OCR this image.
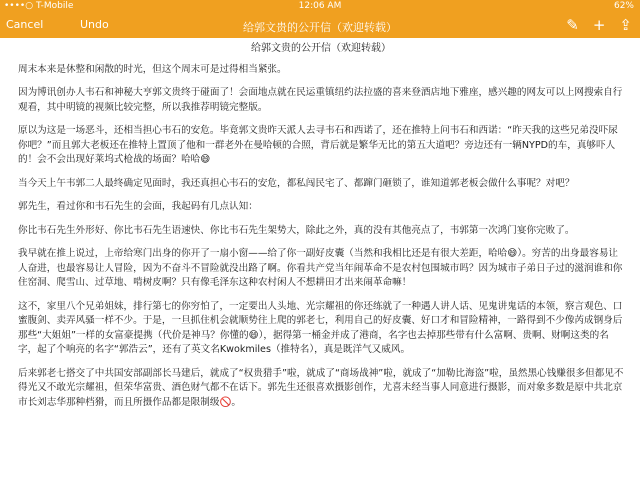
••••○ T-Mobile	12:06 AM	62%
Cancel	Undo	给郭文贵的公开信（欢迎转载）	✎ + ⇪
给郭文贵的公开信（欢迎转载）

周末本来是休整和闲散的时光，但这个周末可是过得相当紧张。

因为博讯创办人韦石和神秘大亨郭文贵终于碰面了！会面地点就在民运重镇纽约法拉盛的喜来登酒店地下雅座，感兴趣的网友可以上网搜索自行观看，其中明镜的视频比较完整，所以我推荐明镜完整版。

原以为这是一场恶斗，还相当担心韦石的安危。毕竟郭文贵昨天派人去寻韦石和西诺了，还在推特上问韦石和西诺：“昨天我的这些兄弟没吓尿你吧？”而且郭大老板还在推特上置顶了他和一群老外在曼哈顿的合照，背后就是繁华无比的第五大道吧？旁边还有一辆NYPD的车，真够吓人的！会不会出现好莱坞式枪战的场面？哈哈😄

当今天上午韦郭二人最终确定见面时，我还真担心韦石的安危，都私闯民宅了、都蹿门砸锁了，谁知道郭老板会做什么事呢？对吧？

郭先生，看过你和韦石先生的会面，我起码有几点认知：

你比韦石先生外形好、你比韦石先生语速快、你比韦石先生架势大，除此之外，真的没有其他亮点了，韦郭第一次鸿门宴你完败了。

我早就在推上说过，上帝给寒门出身的你开了一扇小窗——给了你一副好皮囊（当然和我相比还是有很大差距，哈哈😄）。穷苦的出身最容易让人奋进，也最容易让人冒险，因为不奋斗不冒险就没出路了啊。你看共产党当年闹革命不是农村包围城市吗？因为城市子弟日子过的滋润谁和你住窑洞、爬雪山、过草地、啃树皮啊？只有像毛泽东这种农村闲人不想耕田才出来闹革命嘛！

这不，家里八个兄弟姐妹，排行第七的你穷怕了，一定要出人头地、光宗耀祖的你还练就了一种遇人讲人话、见鬼讲鬼话的本领，察言观色、口蜜腹剑、卖弄风骚一样不少。于是，一旦抓住机会就顺势往上爬的郭老七，利用自己的好皮囊、好口才和冒险精神，一路得到不少像芮成钢身后那些“大姐姐”一样的女富豪提携（代价是神马？你懂的😄），据得第一桶金并成了港商，名字也去掉那些带有什么富啊、贵啊、财啊这类的名字，起了个响亮的名字“郭浩云”，还有了英文名Kwokmiles（推特名），真是既洋气又威风。

后来郭老七搭交了中共国安部副部长马建后，就成了“权贵猎手”啦，就成了“商场战神”啦，就成了“加勒比海盗”啦，虽然黑心钱赚很多但都见不得光又不敢光宗耀祖，但荣华富贵、酒色财气都不在话下。郭先生还很喜欢摄影创作，尤喜未经当事人同意进行摄影，而对象多数是原中共北京市长刘志华那种档猾，而且所摄作品都是限制级🚫。
